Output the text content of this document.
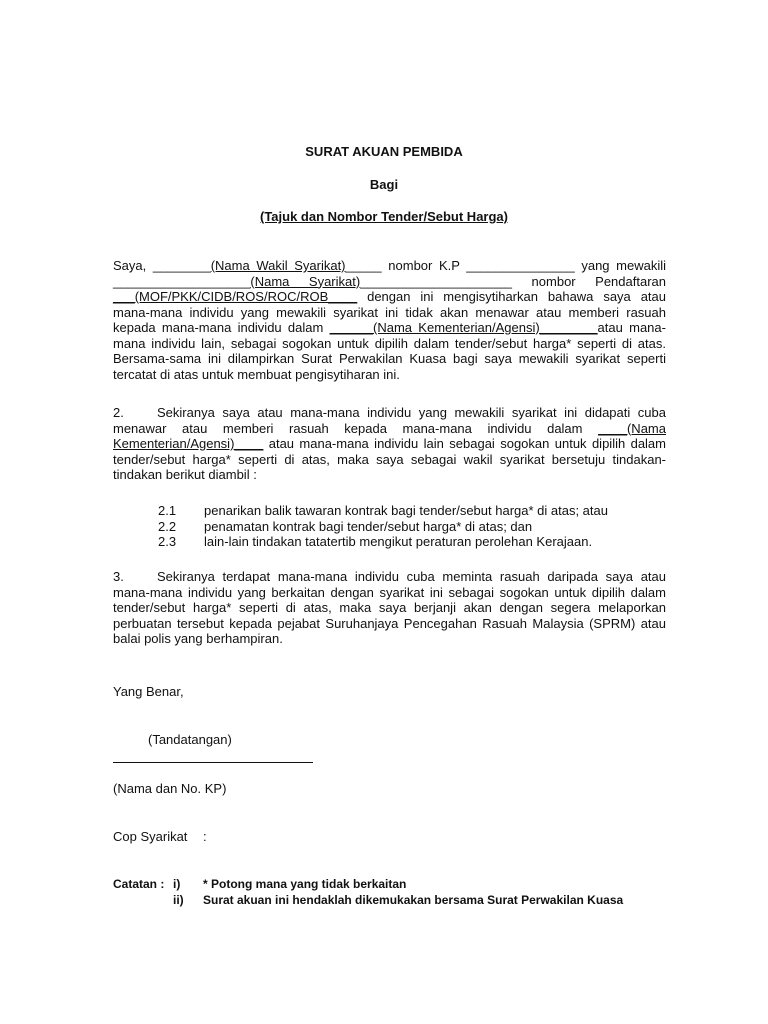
SURAT AKUAN PEMBIDA
Bagi
(Tajuk dan Nombor Tender/Sebut Harga)
Saya, ________(Nama Wakil Syarikat)_____ nombor K.P _______________ yang mewakili
___________________(Nama Syarikat)_____________________ nombor Pendaftaran
___(MOF/PKK/CIDB/ROS/ROC/ROB____ dengan ini mengisytiharkan bahawa saya atau
mana-mana individu yang mewakili syarikat ini tidak akan menawar atau memberi rasuah kepada mana-mana individu dalam ______(Nama Kementerian/Agensi)________atau mana-mana individu lain, sebagai sogokan untuk dipilih dalam tender/sebut harga* seperti di atas. Bersama-sama ini dilampirkan Surat Perwakilan Kuasa bagi saya mewakili syarikat seperti tercatat di atas untuk membuat pengisytiharan ini.
2.	Sekiranya saya atau mana-mana individu yang mewakili syarikat ini didapati cuba menawar atau memberi rasuah kepada mana-mana individu dalam ____(Nama Kementerian/Agensi)____ atau mana-mana individu lain sebagai sogokan untuk dipilih dalam tender/sebut harga* seperti di atas, maka saya sebagai wakil syarikat bersetuju tindakan-tindakan berikut diambil :
2.1	penarikan balik tawaran kontrak bagi tender/sebut harga* di atas; atau
2.2	penamatan kontrak bagi tender/sebut harga* di atas; dan
2.3	lain-lain tindakan tatatertib mengikut peraturan perolehan Kerajaan.
3.	Sekiranya terdapat mana-mana individu cuba meminta rasuah daripada saya atau mana-mana individu yang berkaitan dengan syarikat ini sebagai sogokan untuk dipilih dalam tender/sebut harga* seperti di atas, maka saya berjanji akan dengan segera melaporkan perbuatan tersebut kepada pejabat Suruhanjaya Pencegahan Rasuah Malaysia (SPRM) atau balai polis yang berhampiran.
Yang Benar,
(Tandatangan)
(Nama dan No. KP)
Cop Syarikat :
Catatan : i)	* Potong mana yang tidak berkaitan
ii)	Surat akuan ini hendaklah dikemukakan bersama Surat Perwakilan Kuasa
